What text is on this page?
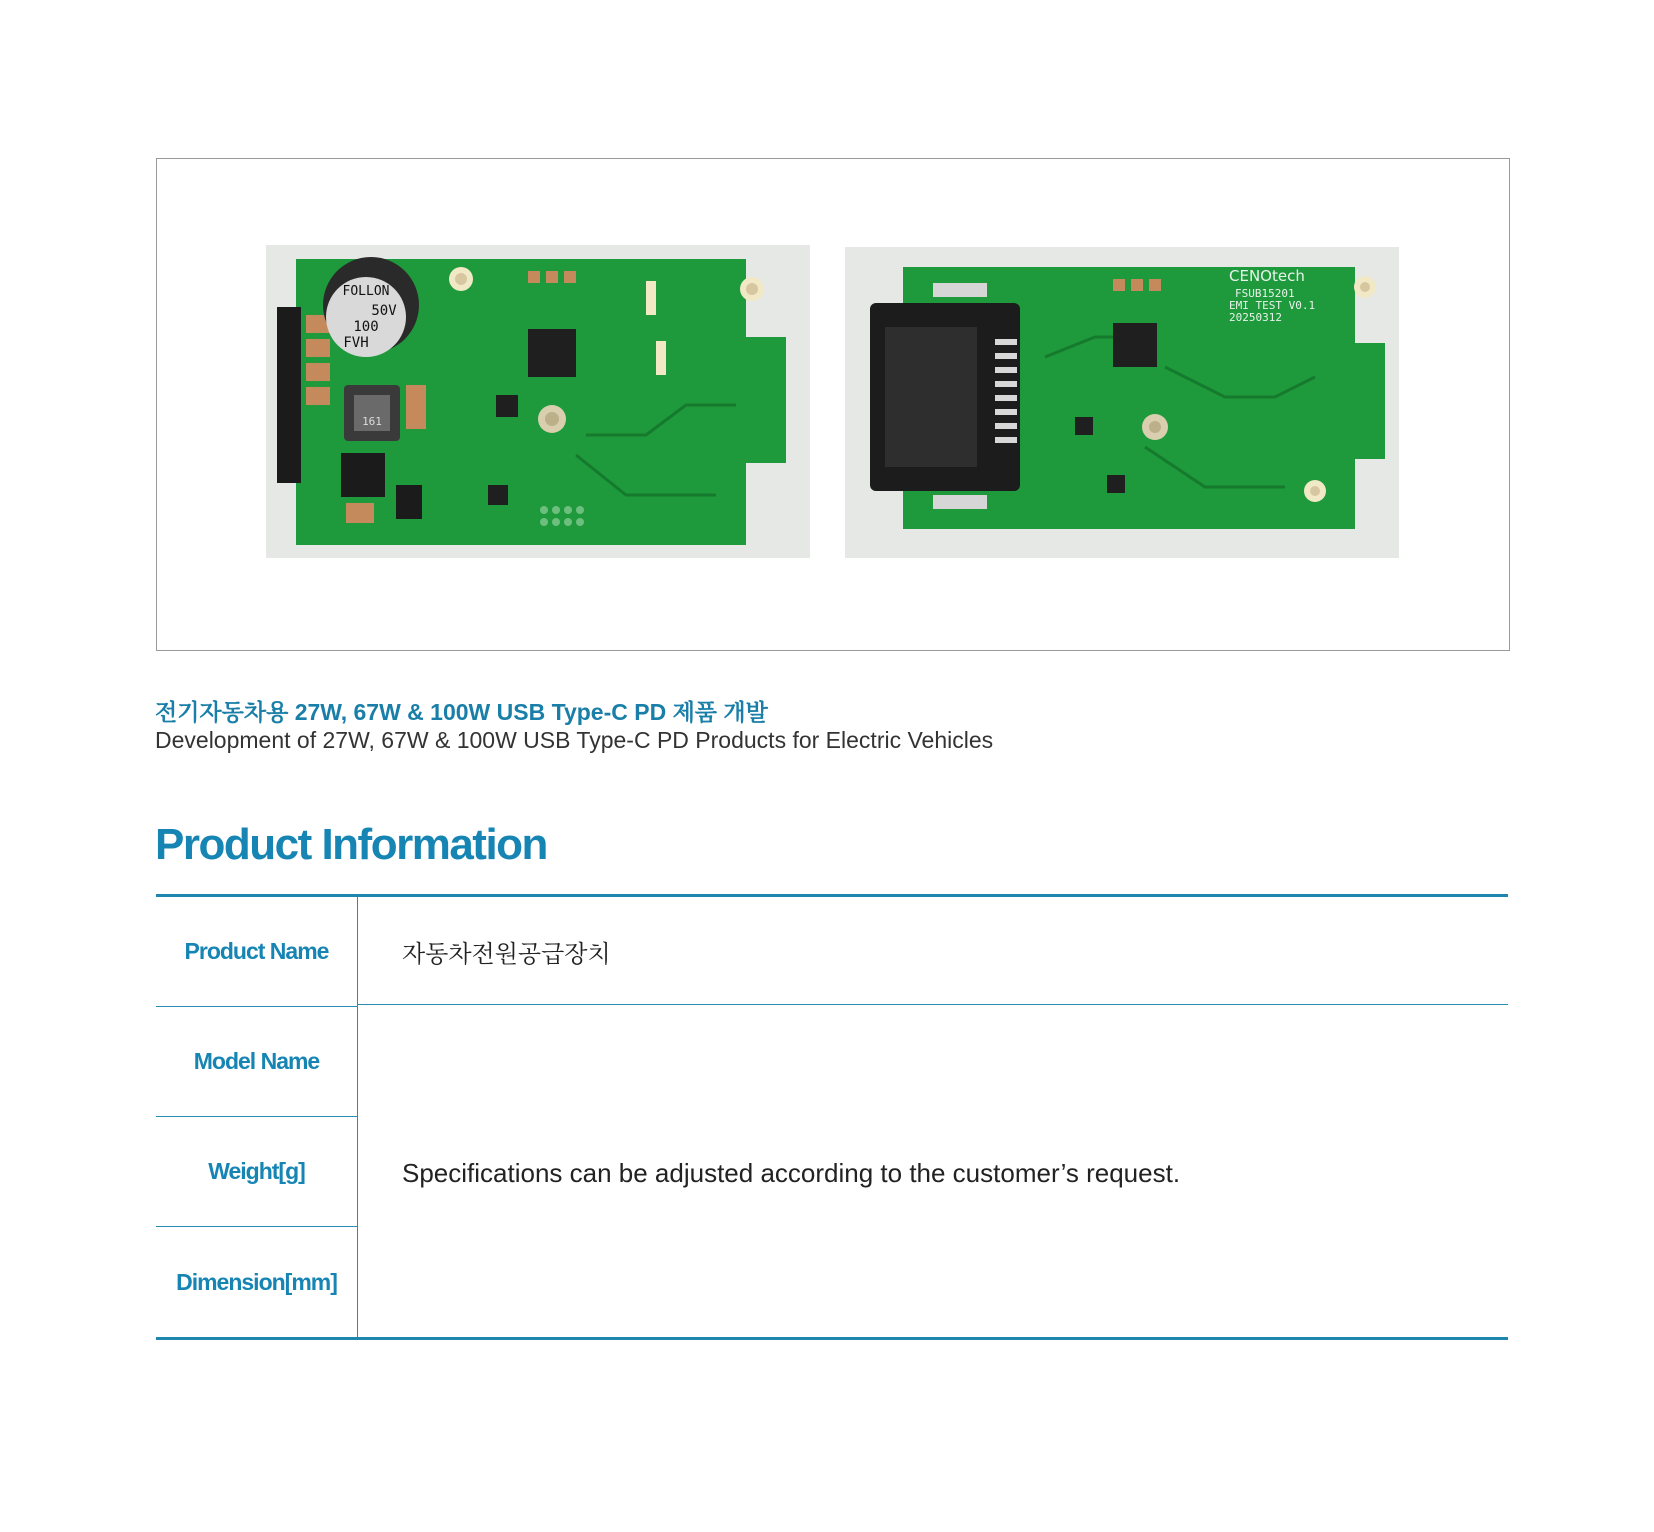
FOLLON
50V
100
FVH
161
CENOtech
FSUB15201
EMI TEST V0.1
20250312

전기자동차용 27W, 67W & 100W USB Type-C PD 제품 개발

Development of 27W, 67W & 100W USB Type-C PD Products for Electric Vehicles

Product Information
Product Name
Model Name
Weight[g]
Dimension[mm]
자동차전원공급장치
Specifications can be adjusted according to the customer’s request.
